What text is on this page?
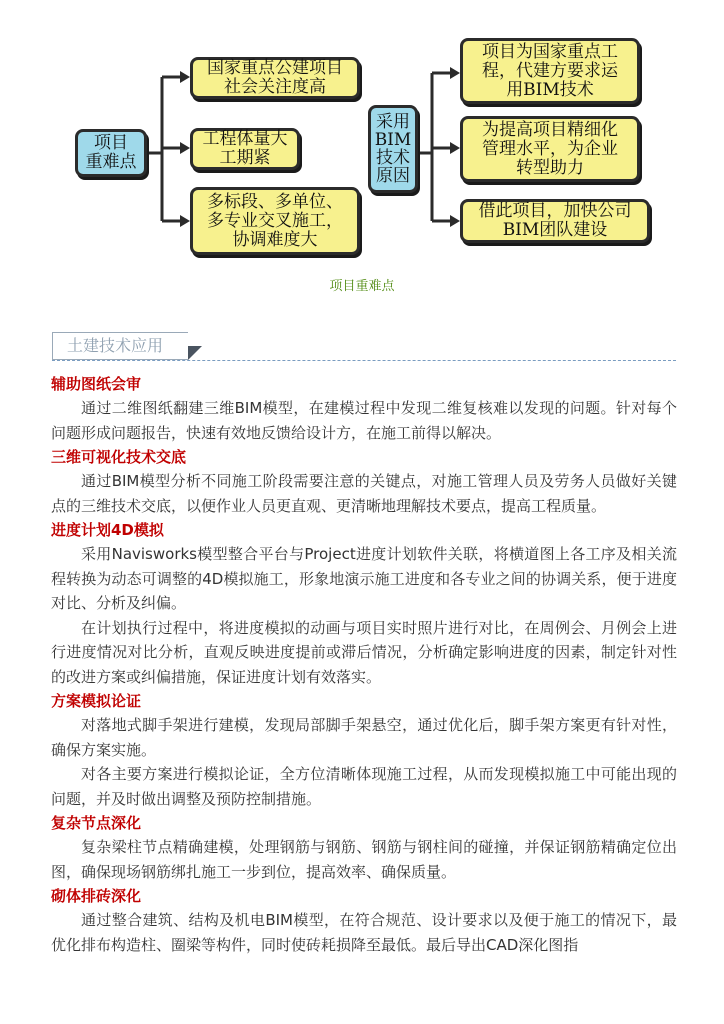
项目
重难点
国家重点公建项目
社会关注度高
工程体量大
工期紧
多标段、多单位、
多专业交叉施工，
协调难度大
采用
BIM
技术
原因
项目为国家重点工
程，代建方要求运
用BIM技术
为提高项目精细化
管理水平，为企业
转型助力
借此项目，加快公司
BIM团队建设
项目重难点
土建技术应用

辅助图纸会审

通过二维图纸翻建三维BIM模型，在建模过程中发现二维复核难以发现的问题。针对每个问题形成问题报告，快速有效地反馈给设计方，在施工前得以解决。

三维可视化技术交底

通过BIM模型分析不同施工阶段需要注意的关键点，对施工管理人员及劳务人员做好关键点的三维技术交底，以便作业人员更直观、更清晰地理解技术要点，提高工程质量。

进度计划4D模拟

采用Navisworks模型整合平台与Project进度计划软件关联，将横道图上各工序及相关流程转换为动态可调整的4D模拟施工，形象地演示施工进度和各专业之间的协调关系，便于进度对比、分析及纠偏。

在计划执行过程中，将进度模拟的动画与项目实时照片进行对比，在周例会、月例会上进行进度情况对比分析，直观反映进度提前或滞后情况，分析确定影响进度的因素，制定针对性的改进方案或纠偏措施，保证进度计划有效落实。

方案模拟论证

对落地式脚手架进行建模，发现局部脚手架悬空，通过优化后，脚手架方案更有针对性，确保方案实施。

对各主要方案进行模拟论证，全方位清晰体现施工过程，从而发现模拟施工中可能出现的问题，并及时做出调整及预防控制措施。

复杂节点深化

复杂梁柱节点精确建模，处理钢筋与钢筋、钢筋与钢柱间的碰撞，并保证钢筋精确定位出图，确保现场钢筋绑扎施工一步到位，提高效率、确保质量。

砌体排砖深化

通过整合建筑、结构及机电BIM模型，在符合规范、设计要求以及便于施工的情况下，最优化排布构造柱、圈梁等构件，同时使砖耗损降至最低。最后导出CAD深化图指
